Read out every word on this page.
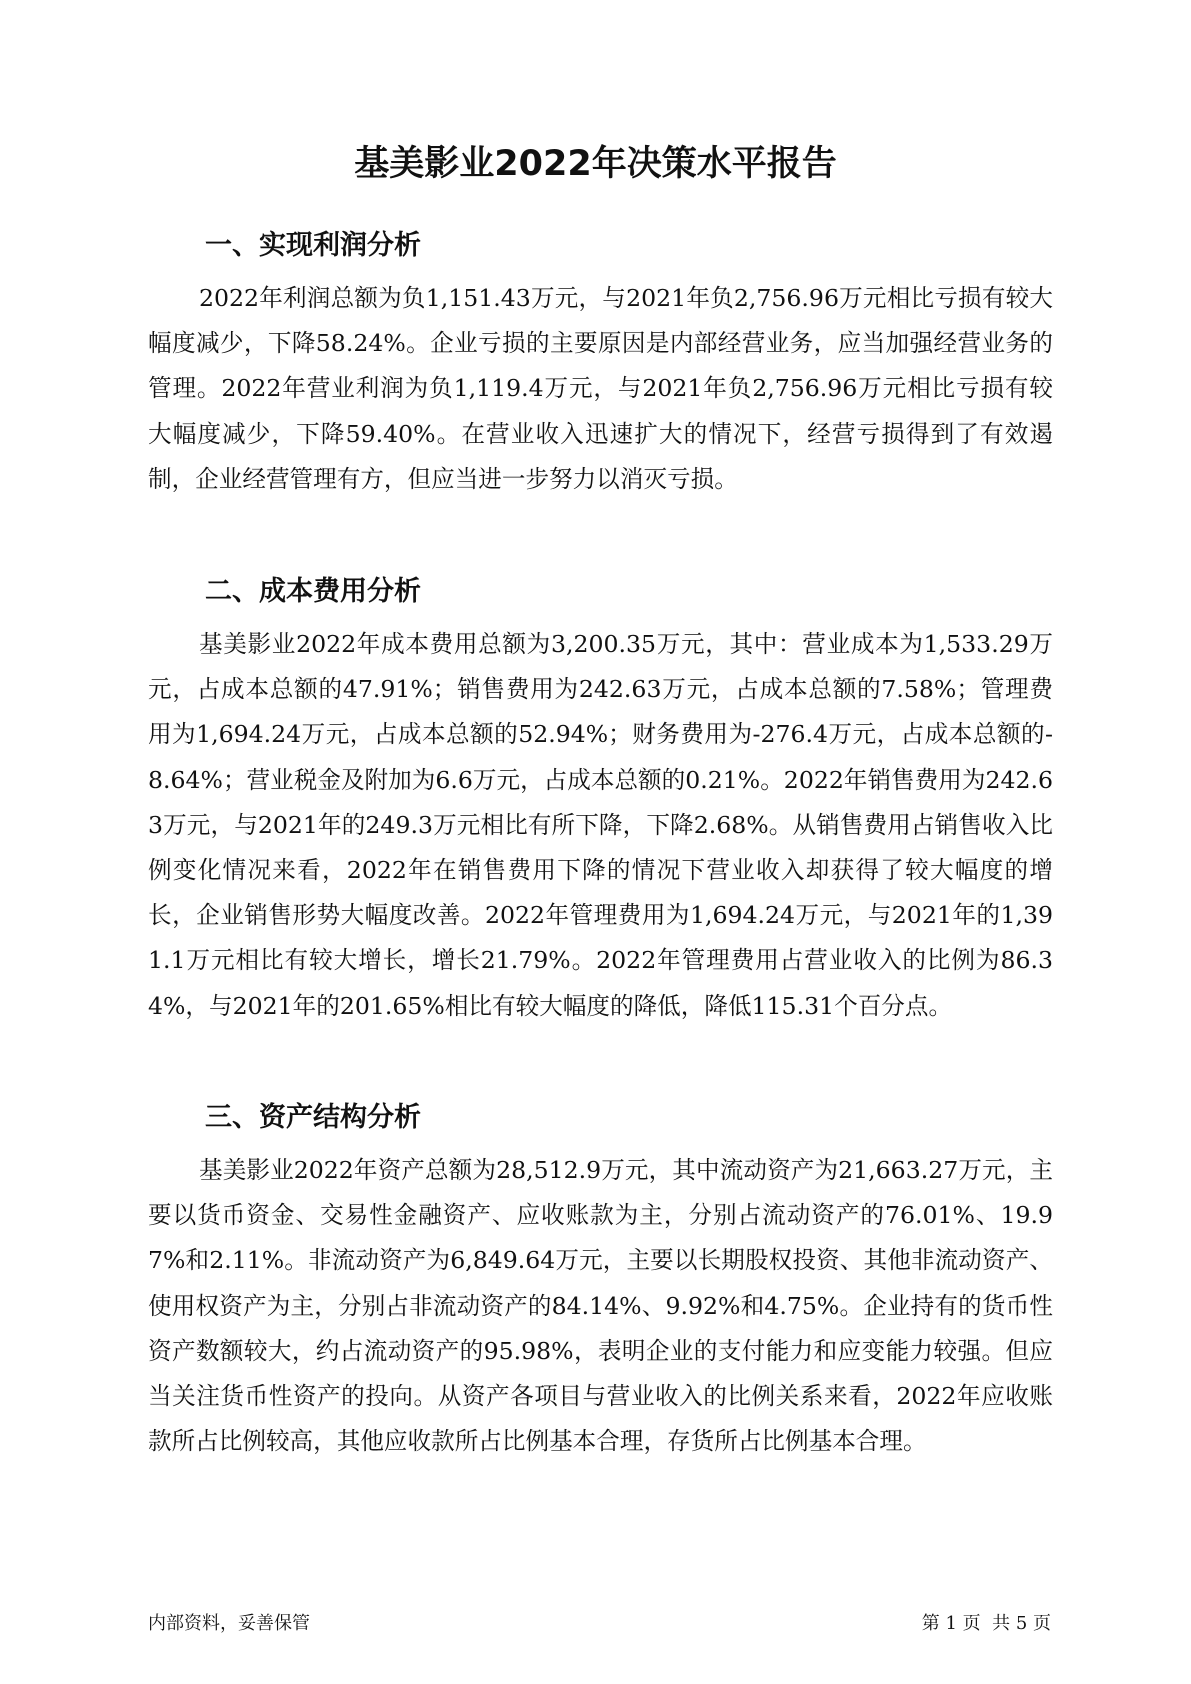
基美影业2022年决策水平报告
一、实现利润分析

2022年利润总额为负1,151.43万元，与2021年负2,756.96万元相比亏损有较大幅度减少，下降58.24%。企业亏损的主要原因是内部经营业务，应当加强经营业务的管理。2022年营业利润为负1,119.4万元，与2021年负2,756.96万元相比亏损有较大幅度减少，下降59.40%。在营业收入迅速扩大的情况下，经营亏损得到了有效遏制，企业经营管理有方，但应当进一步努力以消灭亏损。

二、成本费用分析

基美影业2022年成本费用总额为3,200.35万元，其中：营业成本为1,533.29万元，占成本总额的47.91%；销售费用为242.63万元，占成本总额的7.58%；管理费用为1,694.24万元，占成本总额的52.94%；财务费用为-276.4万元，占成本总额的-8.64%；营业税金及附加为6.6万元，占成本总额的0.21%。2022年销售费用为242.63万元，与2021年的249.3万元相比有所下降，下降2.68%。从销售费用占销售收入比例变化情况来看，2022年在销售费用下降的情况下营业收入却获得了较大幅度的增长，企业销售形势大幅度改善。2022年管理费用为1,694.24万元，与2021年的1,391.1万元相比有较大增长，增长21.79%。2022年管理费用占营业收入的比例为86.34%，与2021年的201.65%相比有较大幅度的降低，降低115.31个百分点。

三、资产结构分析

基美影业2022年资产总额为28,512.9万元，其中流动资产为21,663.27万元，主要以货币资金、交易性金融资产、应收账款为主，分别占流动资产的76.01%、19.97%和2.11%。非流动资产为6,849.64万元，主要以长期股权投资、其他非流动资产、使用权资产为主，分别占非流动资产的84.14%、9.92%和4.75%。企业持有的货币性资产数额较大，约占流动资产的95.98%，表明企业的支付能力和应变能力较强。但应当关注货币性资产的投向。从资产各项目与营业收入的比例关系来看，2022年应收账款所占比例较高，其他应收款所占比例基本合理，存货所占比例基本合理。

内部资料，妥善保管	第 1 页  共 5 页
